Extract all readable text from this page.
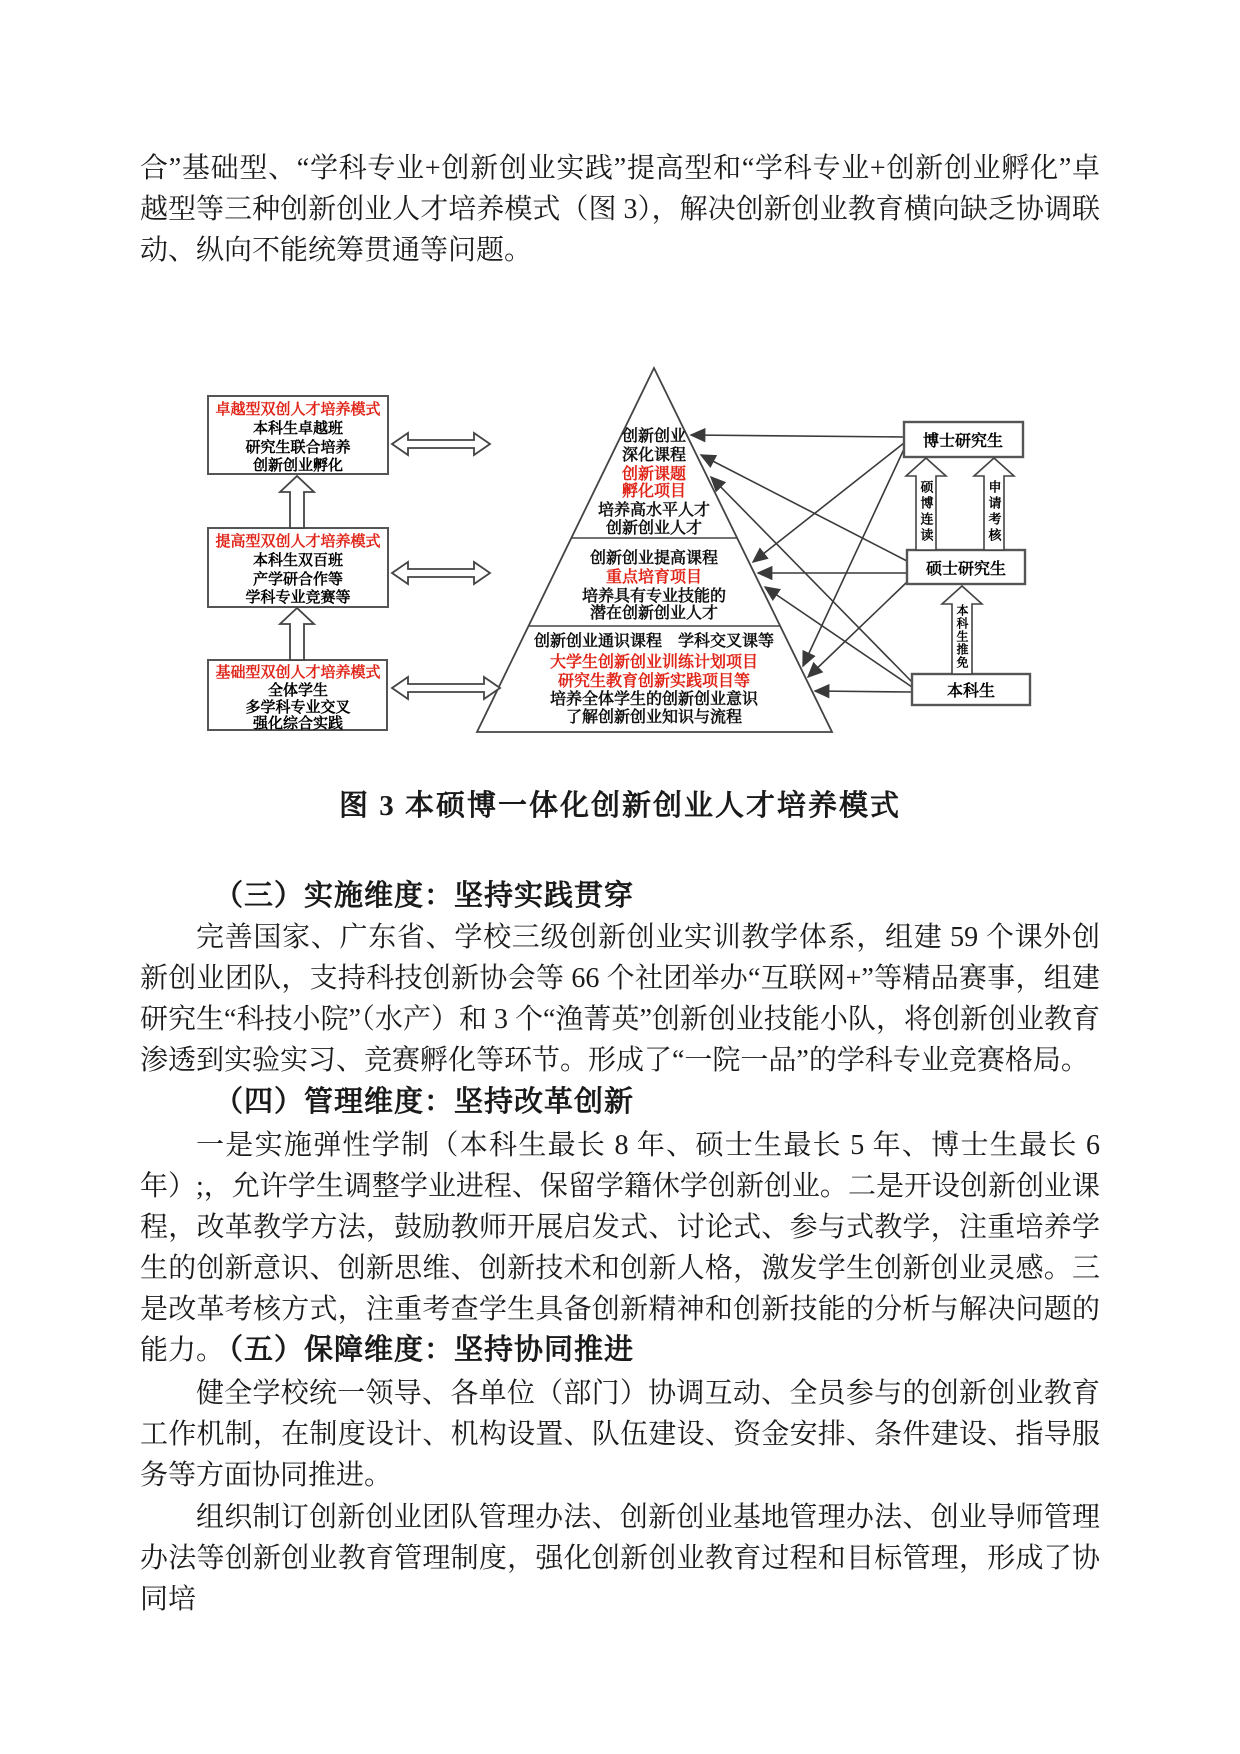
合”基础型、“学科专业+创新创业实践”提高型和“学科专业+创新创业孵化”卓越型等三种创新创业人才培养模式（图 3），解决创新创业教育横向缺乏协调联动、纵向不能统筹贯通等问题。

创新创业
深化课程
创新课题
孵化项目
培养高水平人才
创新创业人才
创新创业提高课程
重点培育项目
培养具有专业技能的
潜在创新创业人才
创新创业通识课程　学科交叉课等
大学生创新创业训练计划项目
研究生教育创新实践项目等
培养全体学生的创新创业意识
了解创新创业知识与流程
卓越型双创人才培养模式
本科生卓越班
研究生联合培养
创新创业孵化
提高型双创人才培养模式
本科生双百班
产学研合作等
学科专业竞赛等
基础型双创人才培养模式
全体学生
多学科专业交叉
强化综合实践
博士研究生
硕士研究生
本科生
硕博连读	申请考核
本科生推免

图 3 本硕博一体化创新创业人才培养模式

（三）实施维度：坚持实践贯穿

完善国家、广东省、学校三级创新创业实训教学体系，组建 59 个课外创新创业团队，支持科技创新协会等 66 个社团举办“互联网+”等精品赛事，组建研究生“科技小院”（水产）和 3 个“渔菁英”创新创业技能小队，将创新创业教育渗透到实验实习、竞赛孵化等环节。形成了“一院一品”的学科专业竞赛格局。

（四）管理维度：坚持改革创新

一是实施弹性学制（本科生最长 8 年、硕士生最长 5 年、博士生最长 6 年）;，允许学生调整学业进程、保留学籍休学创新创业。二是开设创新创业课程，改革教学方法，鼓励教师开展启发式、讨论式、参与式教学，注重培养学生的创新意识、创新思维、创新技术和创新人格，激发学生创新创业灵感。三是改革考核方式，注重考查学生具备创新精神和创新技能的分析与解决问题的能力。

（五）保障维度：坚持协同推进

健全学校统一领导、各单位（部门）协调互动、全员参与的创新创业教育工作机制，在制度设计、机构设置、队伍建设、资金安排、条件建设、指导服务等方面协同推进。

组织制订创新创业团队管理办法、创新创业基地管理办法、创业导师管理办法等创新创业教育管理制度，强化创新创业教育过程和目标管理，形成了协同培
